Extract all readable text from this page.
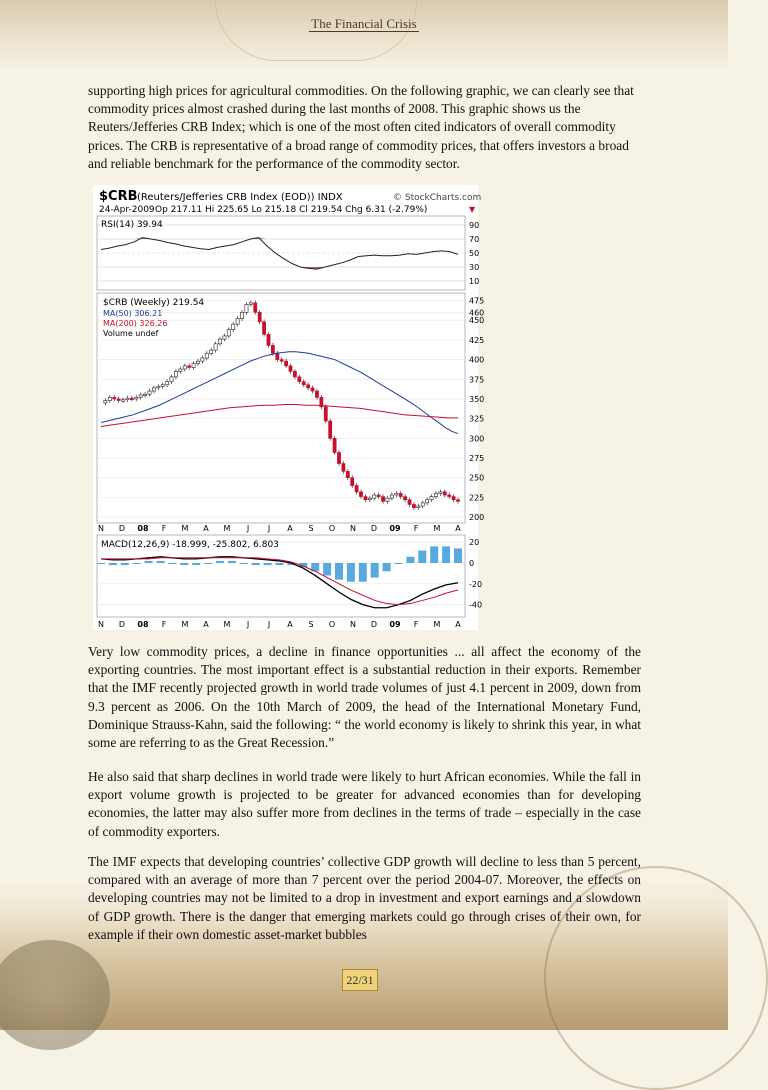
The Financial Crisis

supporting high prices for agricultural commodities. On the following graphic, we can clearly see that commodity prices almost crashed during the last months of 2008. This graphic shows us the Reuters/Jefferies CRB Index; which is one of the most often cited indicators of overall commodity prices. The CRB is representative of a broad range of commodity prices, that offers investors a broad and reliable benchmark for the performance of the commodity sector.

$CRB (Reuters/Jefferies CRB Index (EOD)) INDX	© StockCharts.com
24-Apr-2009 Op 217.11 Hi 225.65 Lo 215.18 Cl 219.54 Chg 6.31 (-2.79%)	▼
10
30
50
70
90
200
225
250
275
300
325
350
375
400
425
450
460
475
20
0
-20
-40
N D 08 F M A M J J A S O N D 09 F M A
N D 08 F M A M J J A S O N D 09 F M A
RSI(14) 39.94
$CRB (Weekly) 219.54
MA(50) 306.21
MA(200) 326.26
Volume undef
MACD(12,26,9) -18.999, -25.802, 6.803

Very low commodity prices, a decline in finance opportunities ... all affect the economy of the exporting countries. The most important effect is a substantial reduction in their exports. Remember that the IMF recently projected growth in world trade volumes of just 4.1 percent in 2009, down from 9.3 percent as 2006. On the 10th March of 2009, the head of the International Monetary Fund, Dominique Strauss-Kahn, said the following: “ the world economy is likely to shrink this year, in what some are referring to as the Great Recession.”

He also said that sharp declines in world trade were likely to hurt African economies. While the fall in export volume growth is projected to be greater for advanced economies than for developing economies, the latter may also suffer more from declines in the terms of trade – especially in the case of commodity exporters.

The IMF expects that developing countries’ collective GDP growth will decline to less than 5 percent, compared with an average of more than 7 percent over the period 2004-07. Moreover, the effects on developing countries may not be limited to a drop in investment and export earnings and a slowdown of GDP growth. There is the danger that emerging markets could go through crises of their own, for example if their own domestic asset-market bubbles

22/31
